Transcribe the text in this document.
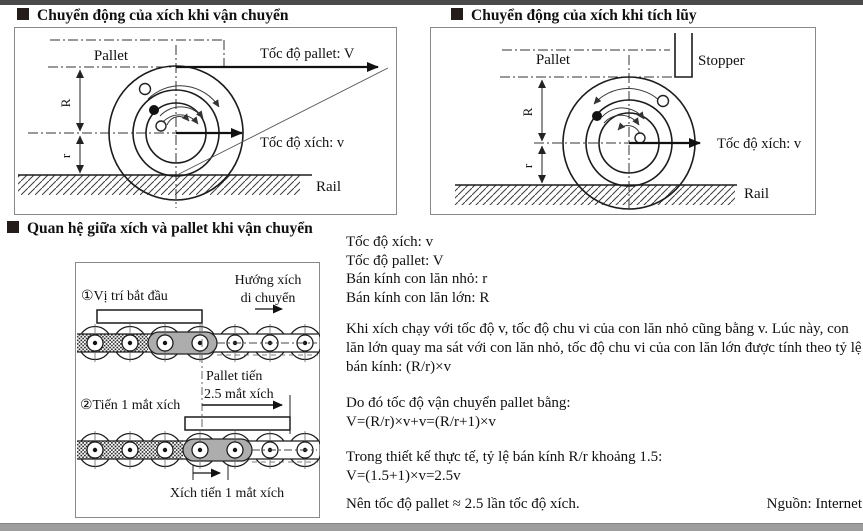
Chuyển động của xích khi vận chuyển	Chuyển động của xích khi tích lũy
Quan hệ giữa xích và pallet khi vận chuyển
R
r
Pallet	Tốc độ pallet: V
Tốc độ xích: v
Rail
R
r
Pallet	Stopper
Tốc độ xích: v
Rail
①Vị trí bắt đầu
Hướng xích
di chuyển
Pallet tiến
2.5 mắt xích
②Tiến 1 mắt xích
Xích tiến 1 mắt xích
Tốc độ xích: v
Tốc độ pallet: V
Bán kính con lăn nhỏ: r
Bán kính con lăn lớn: R

Khi xích chạy với tốc độ v, tốc độ chu vi của con lăn nhỏ cũng bằng v. Lúc này, con lăn lớn quay ma sát với con lăn nhỏ, tốc độ chu vi của con lăn lớn được tính theo tỷ lệ bán kính: (R/r)×v

Do đó tốc độ vận chuyển pallet bằng:
V=(R/r)×v+v=(R/r+1)×v
Trong thiết kế thực tế, tỷ lệ bán kính R/r khoảng 1.5:
V=(1.5+1)×v=2.5v
Nên tốc độ pallet ≈ 2.5 lần tốc độ xích.	Nguồn: Internet
